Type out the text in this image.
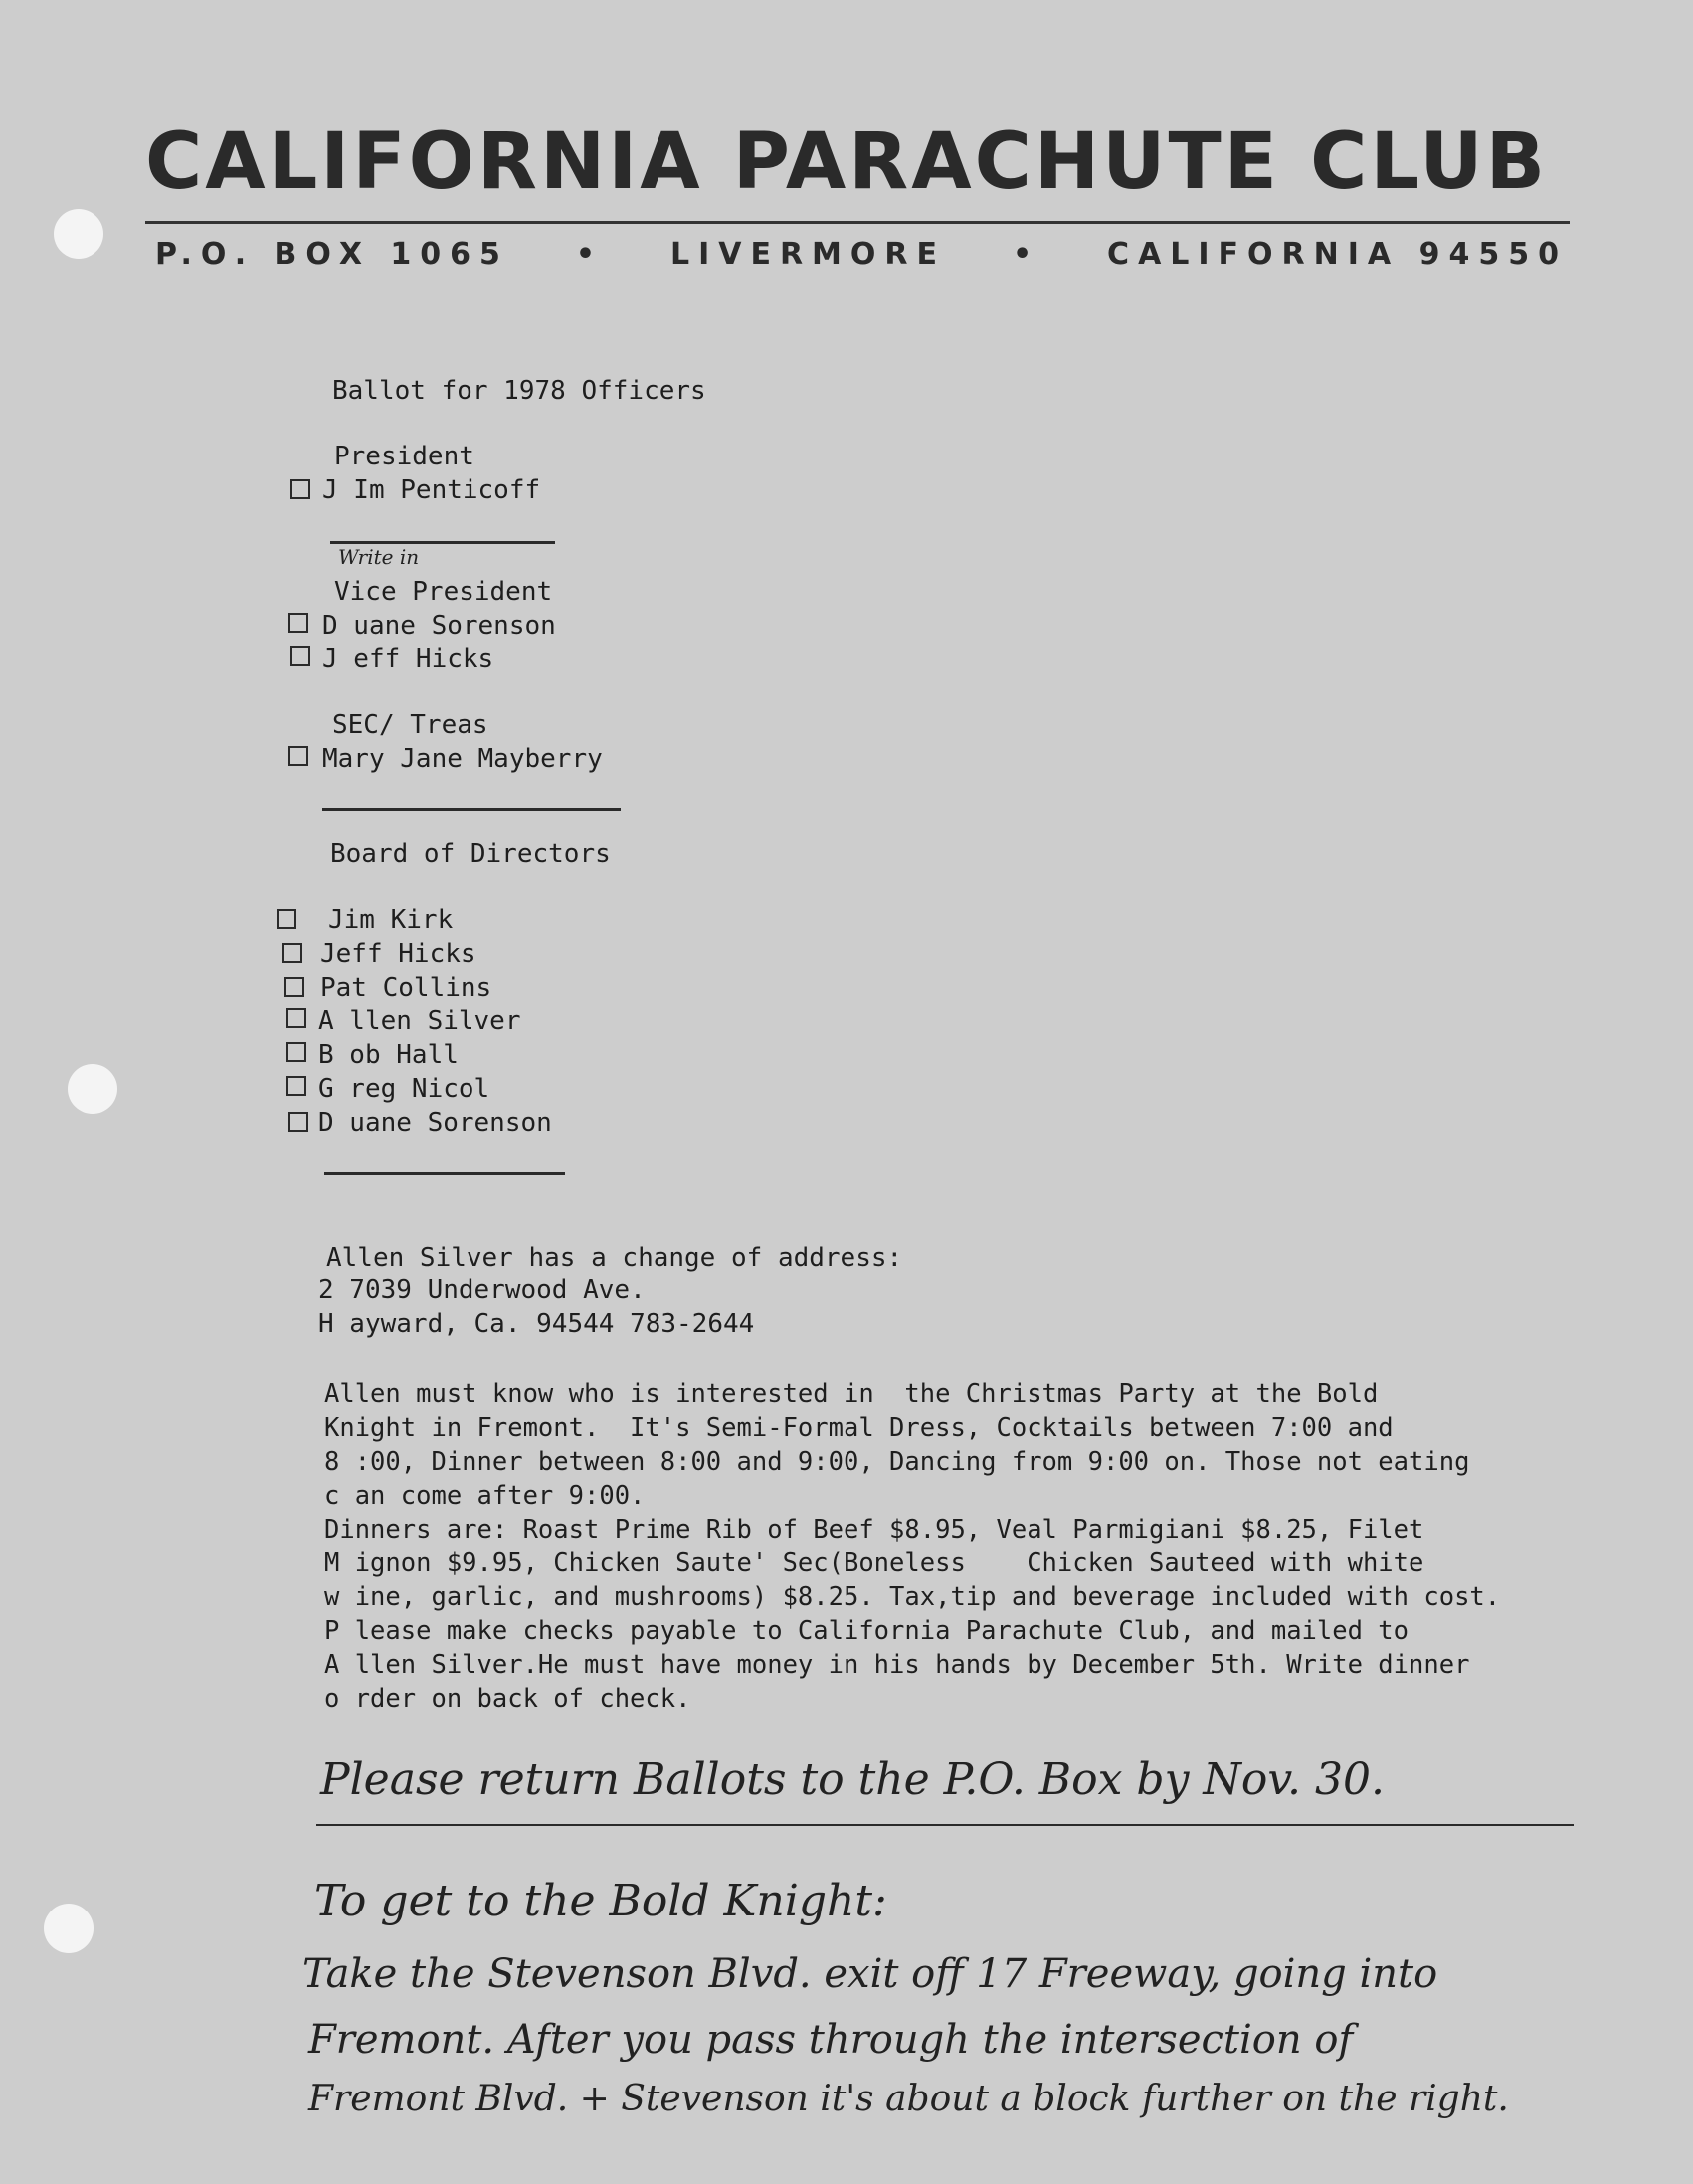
CALIFORNIA PARACHUTE CLUB
P.O. BOX 1065 • LIVERMORE • CALIFORNIA 94550
Ballot for 1978 Officers
President
J Im Penticoff
Write in
Vice President
D uane Sorenson
J eff Hicks
SEC/ Treas
Mary Jane Mayberry
Board of Directors
Jim Kirk
Jeff Hicks
Pat Collins
A llen Silver
B ob Hall
G reg Nicol
D uane Sorenson
Allen Silver has a change of address:
2 7039 Underwood Ave.
H ayward, Ca. 94544 783-2644
Allen must know who is interested in  the Christmas Party at the Bold
Knight in Fremont.  It's Semi-Formal Dress, Cocktails between 7:00 and
8 :00, Dinner between 8:00 and 9:00, Dancing from 9:00 on. Those not eating
c an come after 9:00.
Dinners are: Roast Prime Rib of Beef $8.95, Veal Parmigiani $8.25, Filet
M ignon $9.95, Chicken Saute' Sec(Boneless    Chicken Sauteed with white
w ine, garlic, and mushrooms) $8.25. Tax,tip and beverage included with cost.
P lease make checks payable to California Parachute Club, and mailed to
A llen Silver.He must have money in his hands by December 5th. Write dinner
o rder on back of check.
Please return Ballots to the P.O. Box by Nov. 30.
To get to the Bold Knight:
Take the Stevenson Blvd. exit off 17 Freeway, going into
Fremont. After you pass through the intersection of
Fremont Blvd. + Stevenson it's about a block further on the right.
